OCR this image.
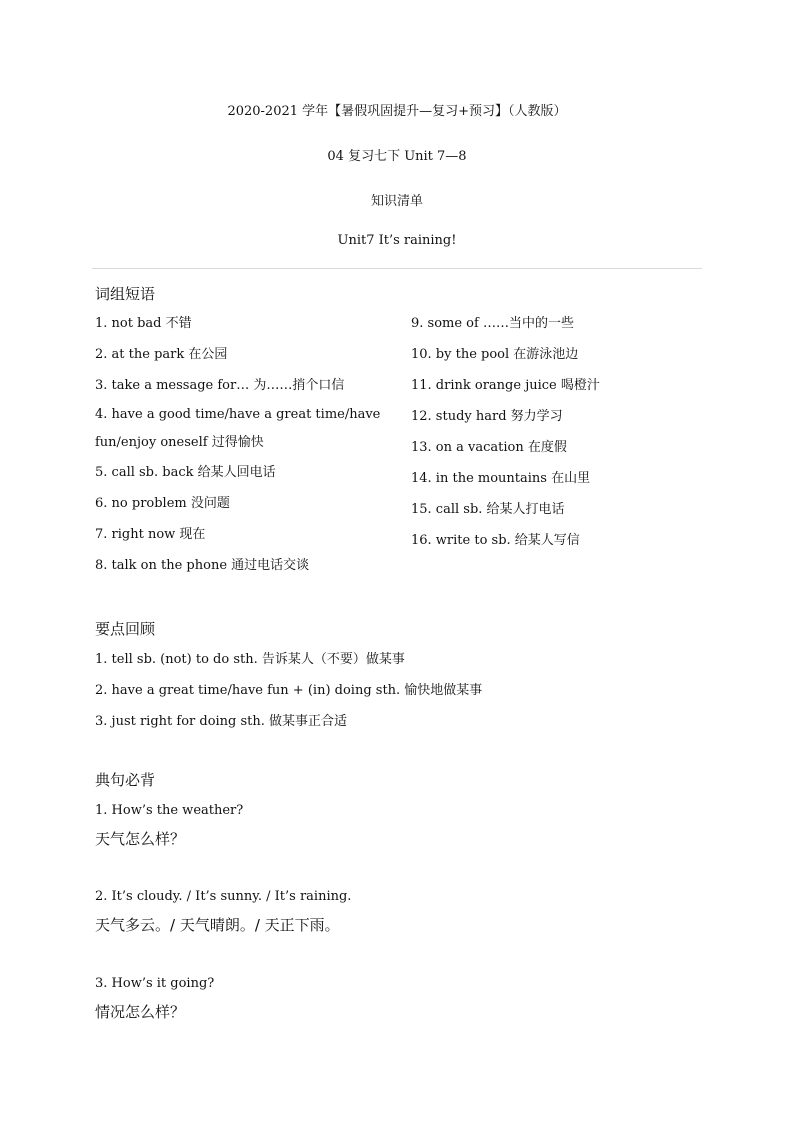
2020-2021 学年【暑假巩固提升—复习+预习】（人教版）
04 复习七下 Unit 7—8
知识清单
Unit7 It’s raining!
词组短语
1. not bad 不错
2. at the park 在公园
3. take a message for… 为……捎个口信
4. have a good time/have a great time/have
fun/enjoy oneself 过得愉快
5. call sb. back 给某人回电话
6. no problem 没问题
7. right now 现在
8. talk on the phone 通过电话交谈
9. some of ……当中的一些
10. by the pool 在游泳池边
11. drink orange juice 喝橙汁
12. study hard 努力学习
13. on a vacation 在度假
14. in the mountains 在山里
15. call sb. 给某人打电话
16. write to sb. 给某人写信
要点回顾
1. tell sb. (not) to do sth. 告诉某人（不要）做某事
2. have a great time/have fun + (in) doing sth. 愉快地做某事
3. just right for doing sth. 做某事正合适
典句必背
1. How’s the weather?
天气怎么样？
2. It’s cloudy. / It’s sunny. / It’s raining.
天气多云。/ 天气晴朗。/ 天正下雨。
3. How’s it going?
情况怎么样？
